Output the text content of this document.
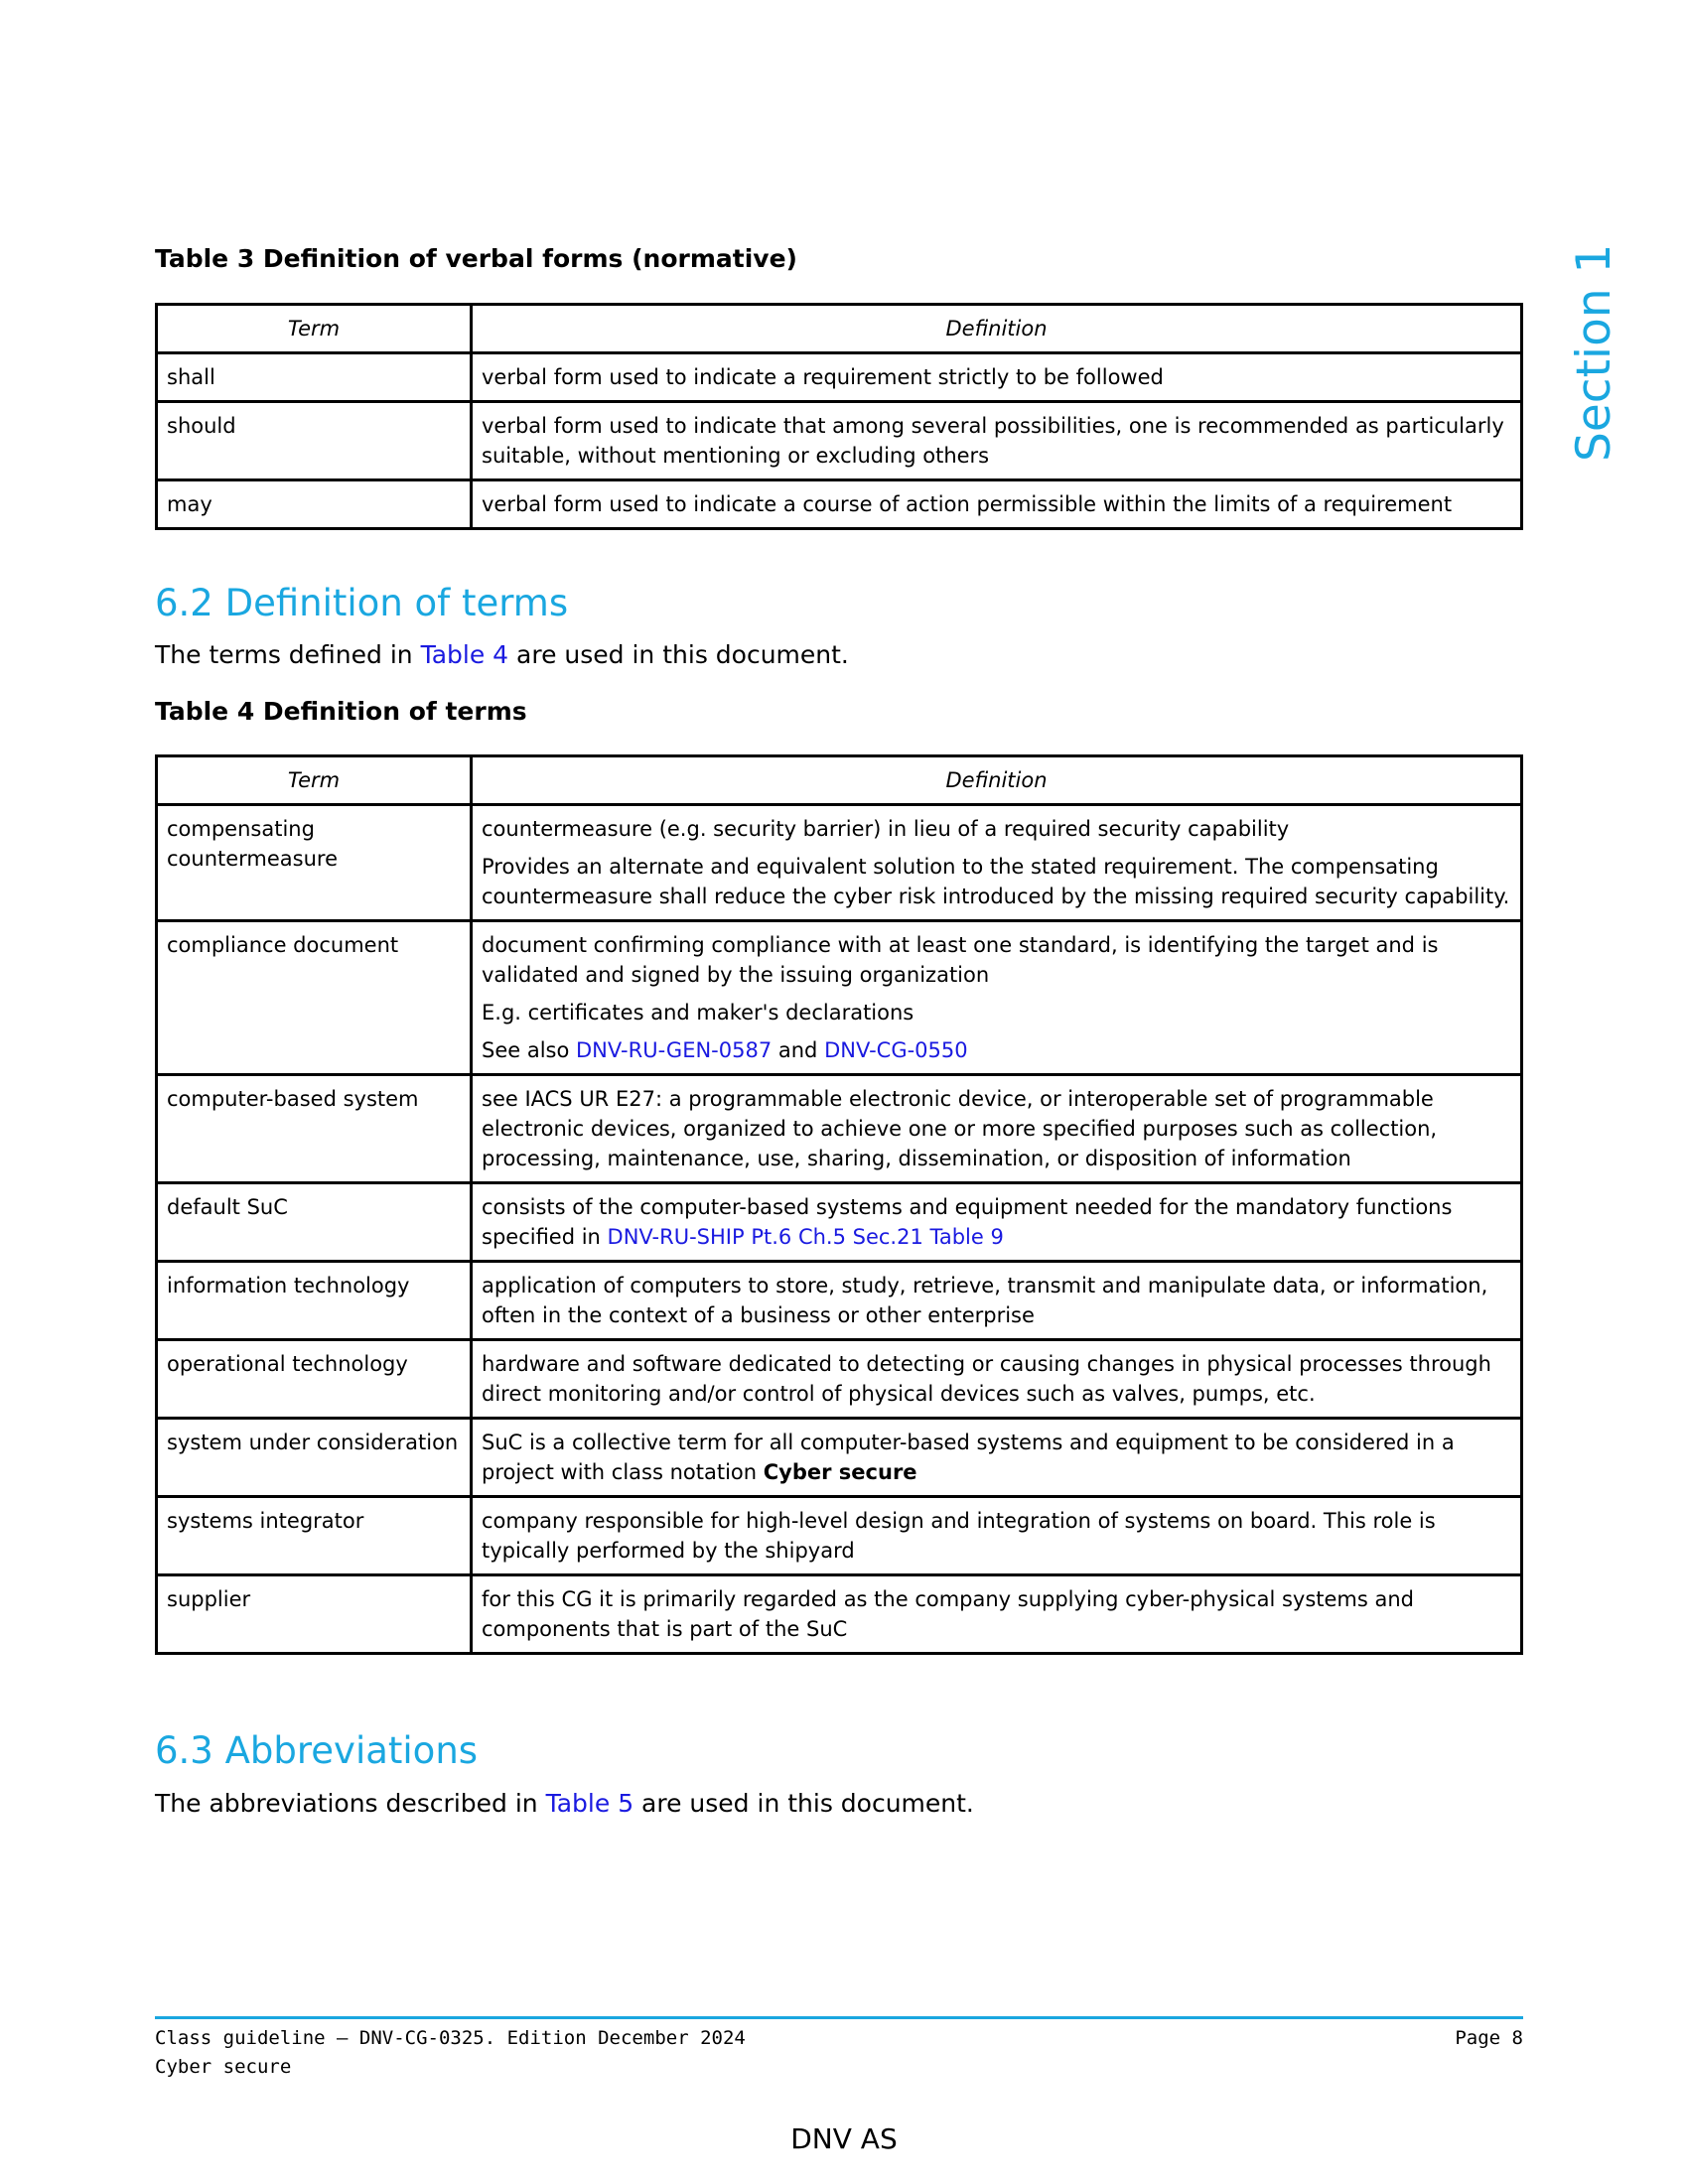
Section 1
Table 3 Definition of verbal forms (normative)
Term	Definition
shall	verbal form used to indicate a requirement strictly to be followed
should	verbal form used to indicate that among several possibilities, one is recommended as particularly suitable, without mentioning or excluding others
may	verbal form used to indicate a course of action permissible within the limits of a requirement
6.2 Definition of terms
The terms defined in Table 4 are used in this document.
Table 4 Definition of terms
Term	Definition
compensating countermeasure	countermeasure (e.g. security barrier) in lieu of a required security capability

Provides an alternate and equivalent solution to the stated requirement. The compensating countermeasure shall reduce the cyber risk introduced by the missing required security capability.

compliance document	document confirming compliance with at least one standard, is identifying the target and is validated and signed by the issuing organization

E.g. certificates and maker's declarations

See also DNV-RU-GEN-0587 and DNV-CG-0550

computer-based system	see IACS UR E27: a programmable electronic device, or interoperable set of programmable electronic devices, organized to achieve one or more specified purposes such as collection, processing, maintenance, use, sharing, dissemination, or disposition of information
default SuC	consists of the computer-based systems and equipment needed for the mandatory functions specified in DNV-RU-SHIP Pt.6 Ch.5 Sec.21 Table 9
information technology	application of computers to store, study, retrieve, transmit and manipulate data, or information, often in the context of a business or other enterprise
operational technology	hardware and software dedicated to detecting or causing changes in physical processes through direct monitoring and/or control of physical devices such as valves, pumps, etc.
system under consideration	SuC is a collective term for all computer-based systems and equipment to be considered in a project with class notation Cyber secure
systems integrator	company responsible for high-level design and integration of systems on board. This role is typically performed by the shipyard
supplier	for this CG it is primarily regarded as the company supplying cyber-physical systems and components that is part of the SuC
6.3 Abbreviations
The abbreviations described in Table 5 are used in this document.
Class guideline — DNV-CG-0325. Edition December 2024
Cyber secure
Page 8
DNV AS
